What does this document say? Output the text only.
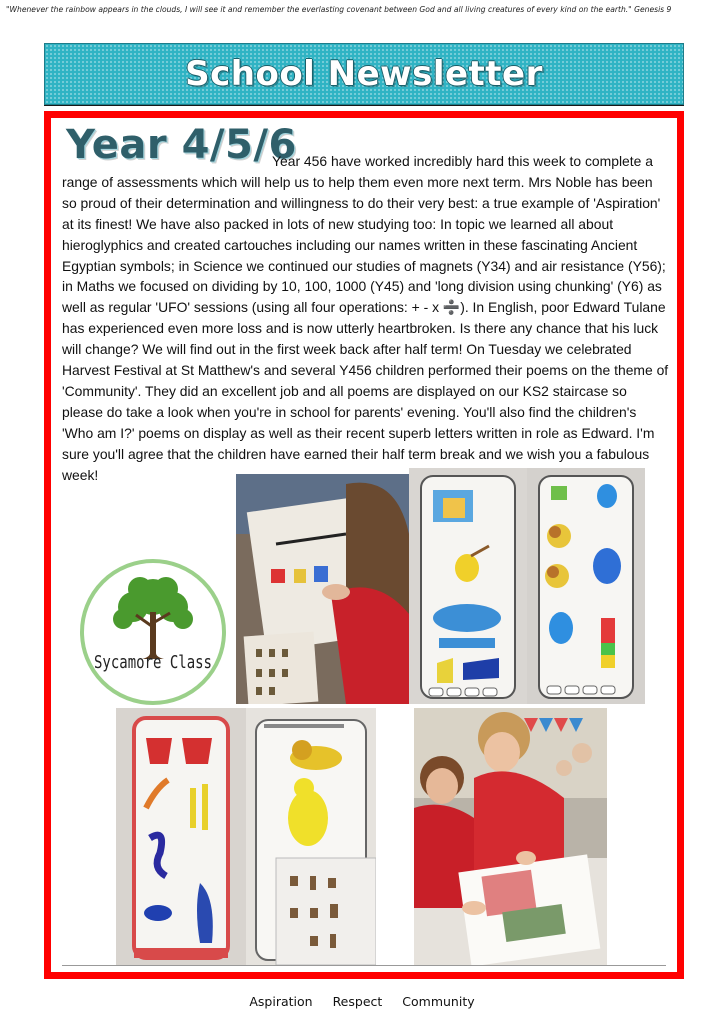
"Whenever the rainbow appears in the clouds, I will see it and remember the everlasting covenant between God and all living creatures of every kind on the earth." Genesis 9
School Newsletter
Year 4/5/6

Year 456 have worked incredibly hard this week to complete a range of assessments which will help us to help them even more next term. Mrs Noble has been so proud of their determination and willingness to do their very best: a true example of 'Aspiration' at its finest! We have also packed in lots of new studying too: In topic we learned all about hieroglyphics and created cartouches including our names written in these fascinating Ancient Egyptian symbols; in Science we continued our studies of magnets (Y34) and air resistance (Y56); in Maths we focused on dividing by 10, 100, 1000 (Y45) and 'long division using chunking' (Y6) as well as regular 'UFO' sessions (using all four operations: + - x ➗). In English, poor Edward Tulane has experienced even more loss and is now utterly heartbroken. Is there any chance that his luck will change? We will find out in the first week back after half term! On Tuesday we celebrated Harvest Festival at St Matthew's and several Y456 children performed their poems on the theme of 'Community'. They did an excellent job and all poems are displayed on our KS2 staircase so please do take a look when you're in school for parents' evening. You'll also find the children's 'Who am I?' poems on display as well as their recent superb letters written in role as Edward. I'm sure you'll agree that the children have earned their half term break and we wish you a fabulous week!

Sycamore Class
Aspiration Respect Community
